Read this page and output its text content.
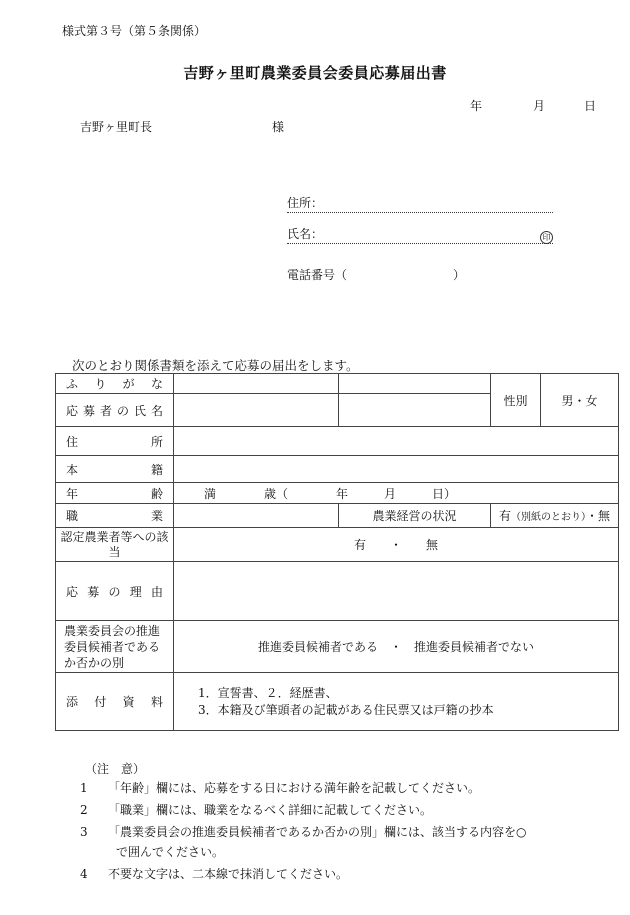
様式第３号（第５条関係）
吉野ヶ里町農業委員会委員応募届出書
年	月	日
吉野ヶ里町長	様
住所：
氏名：	印
電話番号（	）
次のとおり関係書類を添えて応募の届出をします。
ふりがな			性別	男・女
応募者の氏名				
住所				
本籍				
年齢	満　　　　歳（　　　　年　　　月　　　日）			
職業		農業経営の状況	有（別紙のとおり）・無	
認定農業者等への該当	有　　・　　無			
応募の理由				
農業委員会の推進委員候補者であるか否かの別	推進委員候補者である　・　推進委員候補者でない			
添付資料	1．宣誓書、２．経歴書、
3．本籍及び筆頭者の記載がある住民票又は戸籍の抄本			
（注　意）
1 「年齢」欄には、応募をする日における満年齢を記載してください。
2 「職業」欄には、職業をなるべく詳細に記載してください。
3 「農業委員会の推進委員候補者であるか否かの別」欄には、該当する内容を○
で囲んでください。
4 不要な文字は、二本線で抹消してください。
